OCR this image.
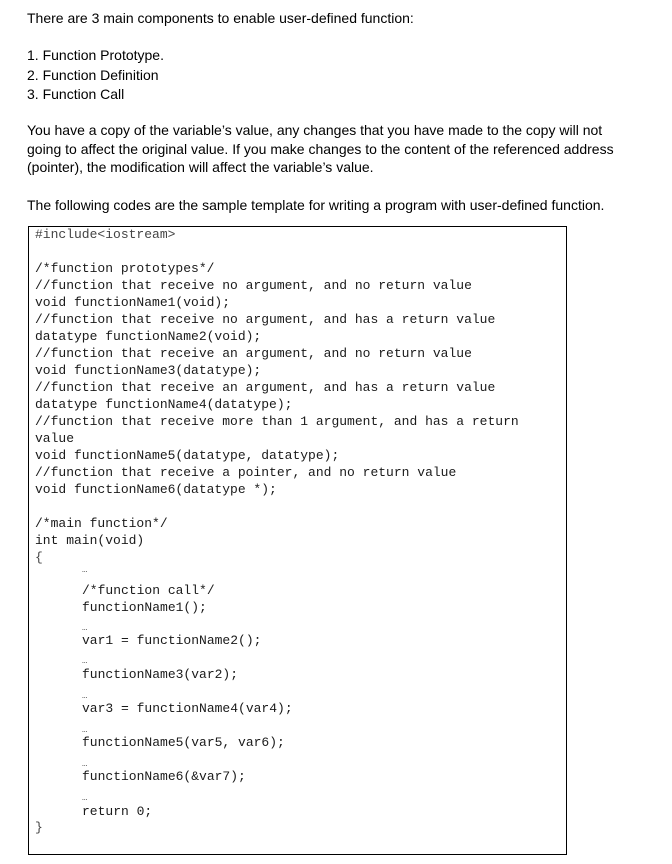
There are 3 main components to enable user-defined function:
1. Function Prototype.
2. Function Definition
3. Function Call
You have a copy of the variable’s value, any changes that you have made to the copy will not going to affect the original value. If you make changes to the content of the referenced address (pointer), the modification will affect the variable’s value.
The following codes are the sample template for writing a program with user-defined function.
#include<iostream>
/*function prototypes*/
//function that receive no argument, and no return value
void functionName1(void);
//function that receive no argument, and has a return value
datatype functionName2(void);
//function that receive an argument, and no return value
void functionName3(datatype);
//function that receive an argument, and has a return value
datatype functionName4(datatype);
//function that receive more than 1 argument, and has a return
value
void functionName5(datatype, datatype);
//function that receive a pointer, and no return value
void functionName6(datatype *);
/*main function*/
int main(void)
{
…
/*function call*/
functionName1();
…
var1 = functionName2();
…
functionName3(var2);
…
var3 = functionName4(var4);
…
functionName5(var5, var6);
…
functionName6(&var7);
…
return 0;
}
